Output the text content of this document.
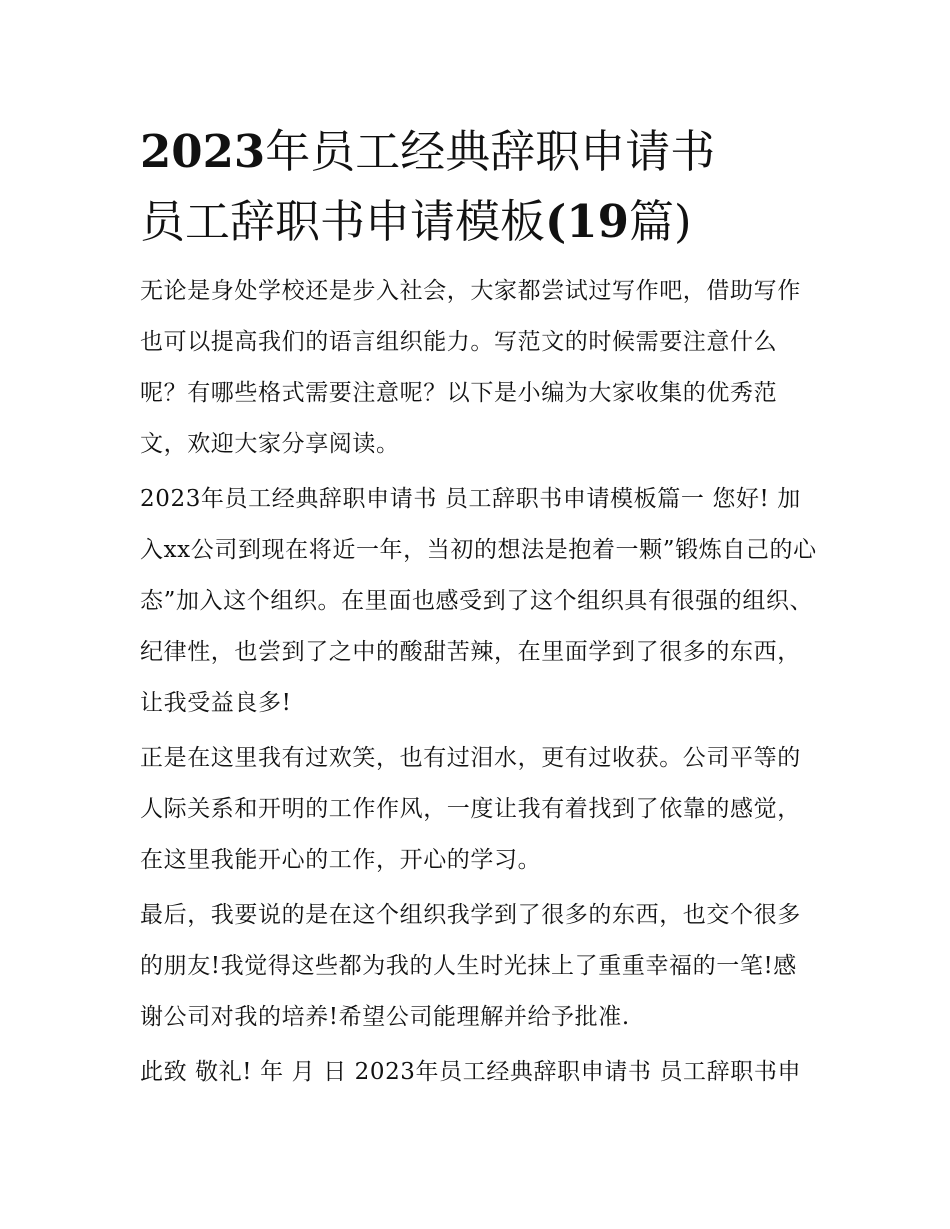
2023年员工经典辞职申请书
员工辞职书申请模板(19篇)

无论是身处学校还是步入社会，大家都尝试过写作吧，借助写作也可以提高我们的语言组织能力。写范文的时候需要注意什么呢？有哪些格式需要注意呢？以下是小编为大家收集的优秀范文，欢迎大家分享阅读。

2023年员工经典辞职申请书 员工辞职书申请模板篇一 您好! 加入xx公司到现在将近一年，当初的想法是抱着一颗”锻炼自己的心态”加入这个组织。在里面也感受到了这个组织具有很强的组织、纪律性，也尝到了之中的酸甜苦辣，在里面学到了很多的东西，让我受益良多!

正是在这里我有过欢笑，也有过泪水，更有过收获。公司平等的人际关系和开明的工作作风，一度让我有着找到了依靠的感觉，在这里我能开心的工作，开心的学习。

最后，我要说的是在这个组织我学到了很多的东西，也交个很多的朋友!我觉得这些都为我的人生时光抹上了重重幸福的一笔!感谢公司对我的培养!希望公司能理解并给予批准.

此致 敬礼! 年 月 日 2023年员工经典辞职申请书 员工辞职书申
